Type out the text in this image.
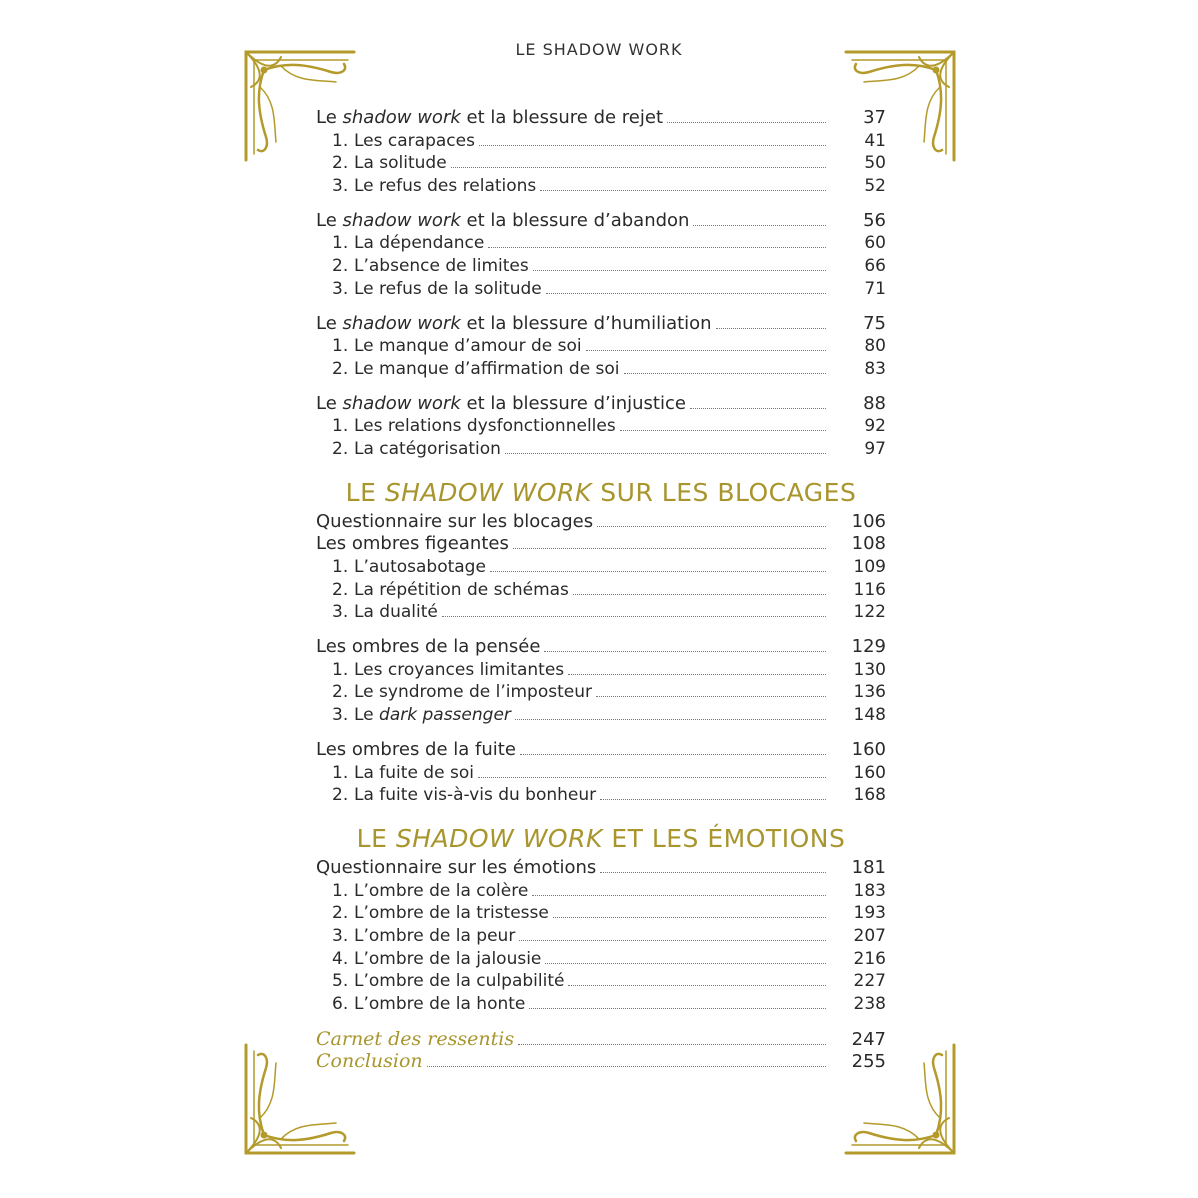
LE SHADOW WORK
Le shadow work et la blessure de rejet	37
1. Les carapaces	41
2. La solitude	50
3. Le refus des relations	52
Le shadow work et la blessure d’abandon	56
1. La dépendance	60
2. L’absence de limites	66
3. Le refus de la solitude	71
Le shadow work et la blessure d’humiliation	75
1. Le manque d’amour de soi	80
2. Le manque d’affirmation de soi	83
Le shadow work et la blessure d’injustice	88
1. Les relations dysfonctionnelles	92
2. La catégorisation	97
LE SHADOW WORK SUR LES BLOCAGES
Questionnaire sur les blocages	106
Les ombres figeantes	108
1. L’autosabotage	109
2. La répétition de schémas	116
3. La dualité	122
Les ombres de la pensée	129
1. Les croyances limitantes	130
2. Le syndrome de l’imposteur	136
3. Le dark passenger	148
Les ombres de la fuite	160
1. La fuite de soi	160
2. La fuite vis-à-vis du bonheur	168
LE SHADOW WORK ET LES ÉMOTIONS
Questionnaire sur les émotions	181
1. L’ombre de la colère	183
2. L’ombre de la tristesse	193
3. L’ombre de la peur	207
4. L’ombre de la jalousie	216
5. L’ombre de la culpabilité	227
6. L’ombre de la honte	238
Carnet des ressentis	247
Conclusion	255
